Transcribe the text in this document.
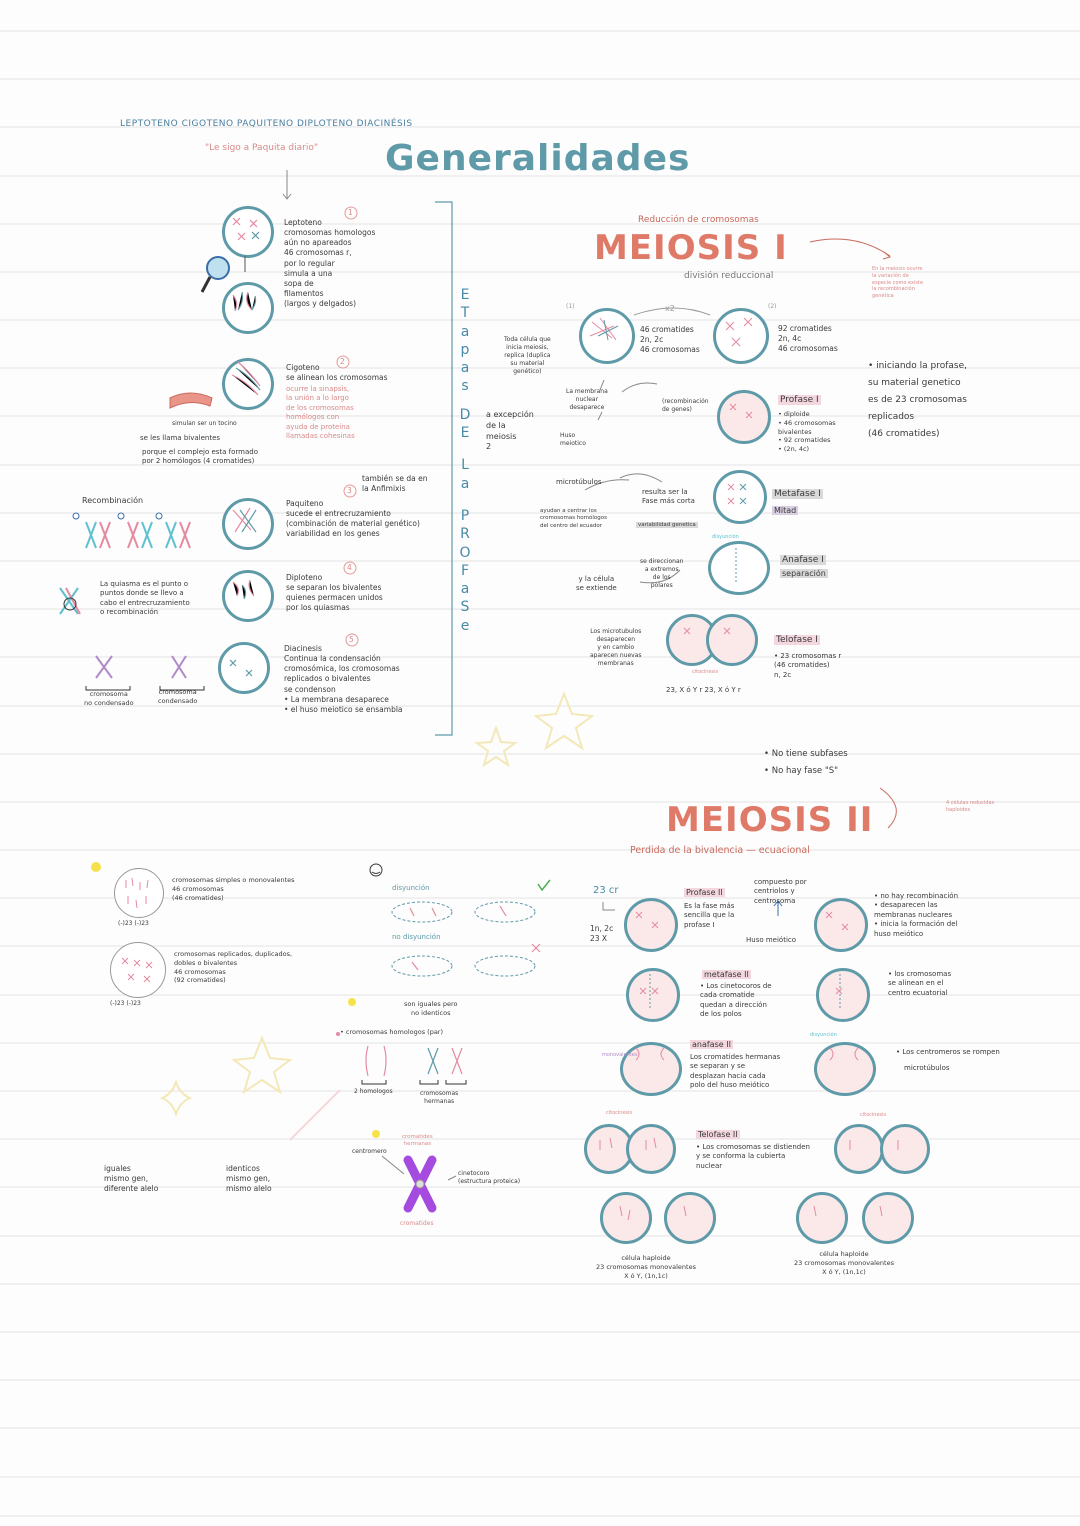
LEPTOTENO CIGOTENO PAQUITENO DIPLOTENO DIACINÉSIS
"Le sigo a Paquita diario" Generalidades
Leptoteno
cromosomas homologos
aún no apareados
46 cromosomas r,
por lo regular
simula a una
sopa de
filamentos
(largos y delgados)
1
Cigoteno
se alinean los cromosomas
ocurre la sinapsis,
la unión a lo largo
de los cromosomas
homólogos con
ayuda de proteína
llamadas cohesinas
2
simulan ser un tocino
se les llama bivalentes
porque el complejo esta formado
por 2 homólogos (4 cromatides)
también se da en
la Anfimixis
3
Paquiteno
sucede el entrecruzamiento
(combinación de material genético)
variabilidad en los genes
Recombinación
4
Diploteno
se separan los bivalentes
quienes permacen unidos
por los quiasmas
La quiasma es el punto o
puntos donde se llevo a
cabo el entrecruzamiento
o recombinación
5
Diacinesis
Continua la condensación
cromosómica, los cromosomas
replicados o bivalentes
se condenson
• La membrana desaparece
• el huso meiotico se ensambla
cromosoma
no condensado
cromosoma
condensado
E
T
a
p
a
s
D
E
L
a
P
R
O
F
a
S
e
Reducción de cromosomas
MEIOSIS I
división reduccional
En la meiosis ocurre
la variación de
especie como existe
la recombinación
genética
(1)	(2)
x2
Toda célula que
inicia meiosis,
replica (duplica
su material
genético)
46 cromatides
2n, 2c
46 cromosomas
92 cromatides
2n, 4c
46 cromosomas
• iniciando la profase,
su material genetico
es de 23 cromosomas
replicados
(46 cromatides)
La membrana
nuclear
desaparece
(recombinación
de genes)
a excepción
de la
meiosis
2
Huso
meiotico
Profase I
• diploide
• 46 cromosomas
bivalentes
• 92 cromatides
• (2n, 4c)
microtúbulos
ayudan a centrar los
cromosomas homólogos
del centro del ecuador
resulta ser la
Fase más corta
variabilidad genetica
Metafase I
Mitad
disyunción
se direccionan
a extremos
de los
polares
y la célula
se extiende
Anafase I
separación
Los microtubulos
desaparecen
y en cambio
aparecen nuevas
membranas
citocinesis
23, X ó Y r 23, X ó Y r
Telofase I
• 23 cromosomas r
(46 cromatides)
n, 2c
• No tiene subfases
• No hay fase "S"
4 células reducidas
haploides
MEIOSIS II
Perdida de la bivalencia — ecuacional
23 cr
1n, 2c
23 X
Profase II
Es la fase más
sencilla que la
profase I
compuesto por
centriolos y
centrosoma
Huso meiótico
• no hay recombinación
• desaparecen las
membranas nucleares
• inicia la formación del
huso meiótico
metafase II
• Los cinetocoros de
cada cromatide
quedan a dirección
de los polos
• los cromosomas
se alinean en el
centro ecuatorial
anafase II
Los cromatides hermanas
se separan y se
desplazan hacia cada
polo del huso meiótico
• Los centromeros se rompen
microtúbulos
disyunción
monovalentes
Telofase II
• Los cromosomas se distienden
y se conforma la cubierta
nuclear
citocinesis	citocinesis
célula haploide
23 cromosomas monovalentes
X ó Y, (1n,1c)
célula haploide
23 cromosomas monovalentes
X ó Y, (1n,1c)
cromosomas simples o monovalentes
46 cromosomas
(46 cromatides)
(-)23 (-)23
cromosomas replicados, duplicados,
dobles o bivalentes
46 cromosomas
(92 cromatides)
(-)23 (-)23
disyunción
no disyunción
son iguales pero
no identicos
• cromosomas homologos (par)
2 homologos	cromosomas
hermanas
cromatides
hermanas
centromero
cinetocoro
(estructura proteica)
cromatides
iguales
mismo gen,
diferente alelo
identicos
mismo gen,
mismo alelo
